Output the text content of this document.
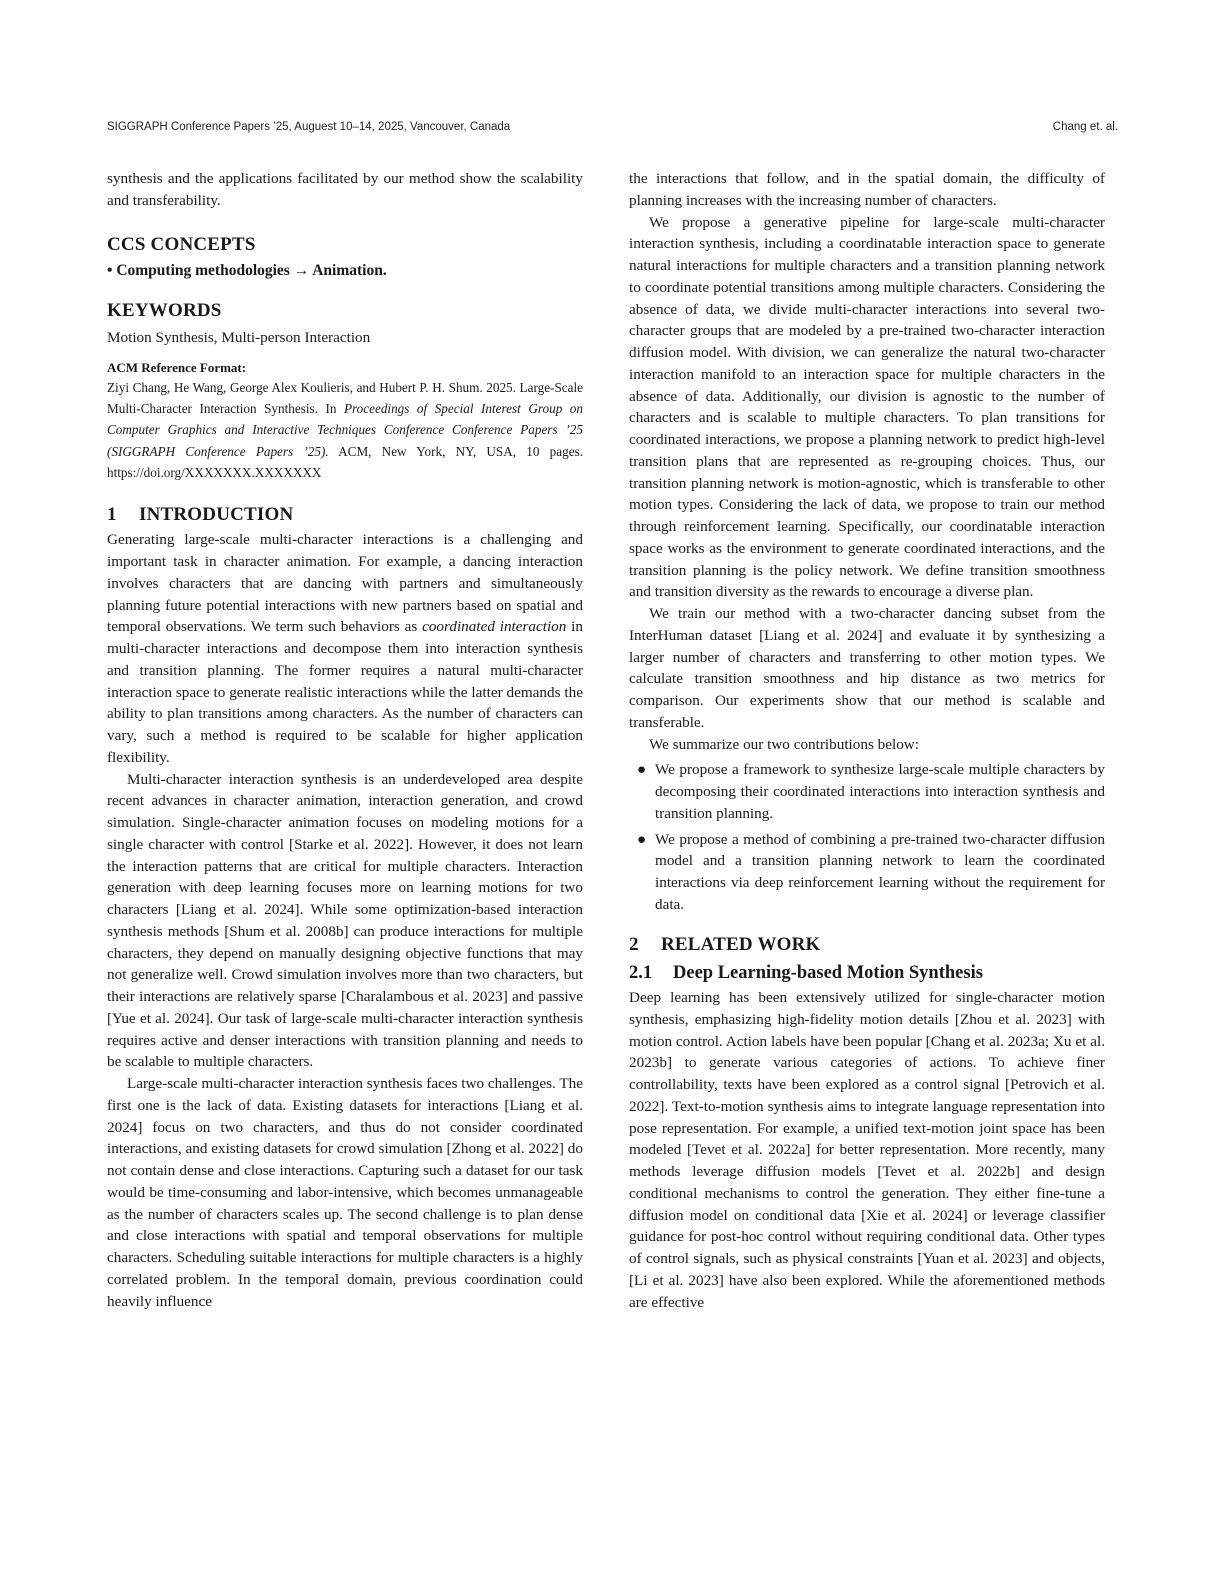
SIGGRAPH Conference Papers ’25, Auguest 10–14, 2025, Vancouver, Canada	Chang et. al.

synthesis and the applications facilitated by our method show the scalability and transferability.

CCS CONCEPTS
• Computing methodologies → Animation.
KEYWORDS

Motion Synthesis, Multi-person Interaction

ACM Reference Format:

Ziyi Chang, He Wang, George Alex Koulieris, and Hubert P. H. Shum. 2025. Large-Scale Multi-Character Interaction Synthesis. In Proceedings of Special Interest Group on Computer Graphics and Interactive Techniques Conference Conference Papers ’25 (SIGGRAPH Conference Papers ’25). ACM, New York, NY, USA, 10 pages. https://doi.org/XXXXXXX.XXXXXXX

1 INTRODUCTION

Generating large-scale multi-character interactions is a challenging and important task in character animation. For example, a dancing interaction involves characters that are dancing with partners and simultaneously planning future potential interactions with new partners based on spatial and temporal observations. We term such behaviors as coordinated interaction in multi-character interactions and decompose them into interaction synthesis and transition planning. The former requires a natural multi-character interaction space to generate realistic interactions while the latter demands the ability to plan transitions among characters. As the number of characters can vary, such a method is required to be scalable for higher application flexibility.

Multi-character interaction synthesis is an underdeveloped area despite recent advances in character animation, interaction generation, and crowd simulation. Single-character animation focuses on modeling motions for a single character with control [Starke et al. 2022]. However, it does not learn the interaction patterns that are critical for multiple characters. Interaction generation with deep learning focuses more on learning motions for two characters [Liang et al. 2024]. While some optimization-based interaction synthesis methods [Shum et al. 2008b] can produce interactions for multiple characters, they depend on manually designing objective functions that may not generalize well. Crowd simulation involves more than two characters, but their interactions are relatively sparse [Charalambous et al. 2023] and passive [Yue et al. 2024]. Our task of large-scale multi-character interaction synthesis requires active and denser interactions with transition planning and needs to be scalable to multiple characters.

Large-scale multi-character interaction synthesis faces two challenges. The first one is the lack of data. Existing datasets for interactions [Liang et al. 2024] focus on two characters, and thus do not consider coordinated interactions, and existing datasets for crowd simulation [Zhong et al. 2022] do not contain dense and close interactions. Capturing such a dataset for our task would be time-consuming and labor-intensive, which becomes unmanageable as the number of characters scales up. The second challenge is to plan dense and close interactions with spatial and temporal observations for multiple characters. Scheduling suitable interactions for multiple characters is a highly correlated problem. In the temporal domain, previous coordination could heavily influence

the interactions that follow, and in the spatial domain, the difficulty of planning increases with the increasing number of characters.

We propose a generative pipeline for large-scale multi-character interaction synthesis, including a coordinatable interaction space to generate natural interactions for multiple characters and a transition planning network to coordinate potential transitions among multiple characters. Considering the absence of data, we divide multi-character interactions into several two-character groups that are modeled by a pre-trained two-character interaction diffusion model. With division, we can generalize the natural two-character interaction manifold to an interaction space for multiple characters in the absence of data. Additionally, our division is agnostic to the number of characters and is scalable to multiple characters. To plan transitions for coordinated interactions, we propose a planning network to predict high-level transition plans that are represented as re-grouping choices. Thus, our transition planning network is motion-agnostic, which is transferable to other motion types. Considering the lack of data, we propose to train our method through reinforcement learning. Specifically, our coordinatable interaction space works as the environment to generate coordinated interactions, and the transition planning is the policy network. We define transition smoothness and transition diversity as the rewards to encourage a diverse plan.

We train our method with a two-character dancing subset from the InterHuman dataset [Liang et al. 2024] and evaluate it by synthesizing a larger number of characters and transferring to other motion types. We calculate transition smoothness and hip distance as two metrics for comparison. Our experiments show that our method is scalable and transferable.

We summarize our two contributions below:

● We propose a framework to synthesize large-scale multiple characters by decomposing their coordinated interactions into interaction synthesis and transition planning.
● We propose a method of combining a pre-trained two-character diffusion model and a transition planning network to learn the coordinated interactions via deep reinforcement learning without the requirement for data.
2 RELATED WORK
2.1 Deep Learning-based Motion Synthesis

Deep learning has been extensively utilized for single-character motion synthesis, emphasizing high-fidelity motion details [Zhou et al. 2023] with motion control. Action labels have been popular [Chang et al. 2023a; Xu et al. 2023b] to generate various categories of actions. To achieve finer controllability, texts have been explored as a control signal [Petrovich et al. 2022]. Text-to-motion synthesis aims to integrate language representation into pose representation. For example, a unified text-motion joint space has been modeled [Tevet et al. 2022a] for better representation. More recently, many methods leverage diffusion models [Tevet et al. 2022b] and design conditional mechanisms to control the generation. They either fine-tune a diffusion model on conditional data [Xie et al. 2024] or leverage classifier guidance for post-hoc control without requiring conditional data. Other types of control signals, such as physical constraints [Yuan et al. 2023] and objects,[Li et al. 2023] have also been explored. While the aforementioned methods are effective
